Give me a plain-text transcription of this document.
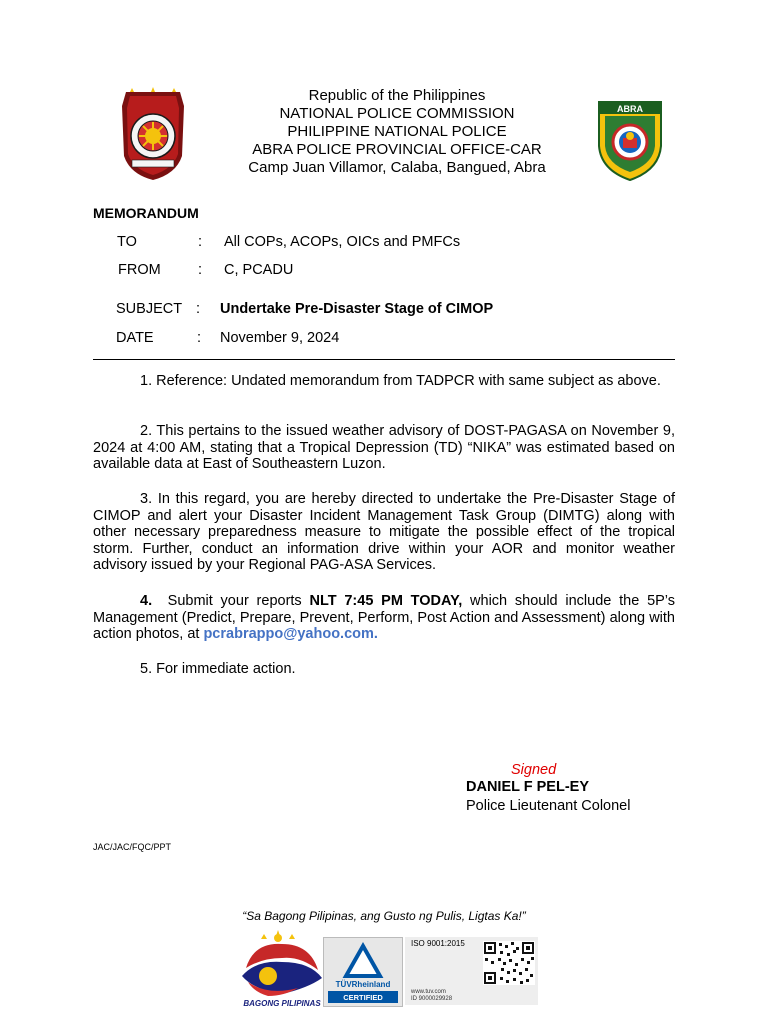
ABRA
Republic of the Philippines
NATIONAL POLICE COMMISSION
PHILIPPINE NATIONAL POLICE
ABRA POLICE PROVINCIAL OFFICE-CAR
Camp Juan Villamor, Calaba, Bangued, Abra
MEMORANDUM
TO	: All COPs, ACOPs, OICs and PMFCs
FROM	: C, PCADU
SUBJECT : Undertake Pre-Disaster Stage of CIMOP
DATE	: November 9, 2024
1. Reference: Undated memorandum from TADPCR with same subject as above.
2. This pertains to the issued weather advisory of DOST-PAGASA on November 9, 2024 at 4:00 AM, stating that a Tropical Depression (TD) “NIKA” was estimated based on available data at East of Southeastern Luzon.
3. In this regard, you are hereby directed to undertake the Pre-Disaster Stage of CIMOP and alert your Disaster Incident Management Task Group (DIMTG) along with other necessary preparedness measure to mitigate the possible effect of the tropical storm. Further, conduct an information drive within your AOR and monitor weather advisory issued by your Regional PAG-ASA Services.
4. Submit your reports NLT 7:45 PM TODAY, which should include the 5P’s Management (Predict, Prepare, Prevent, Perform, Post Action and Assessment) along with action photos, at pcrabrappo@yahoo.com.
5. For immediate action.
Signed
DANIEL F PEL-EY
Police Lieutenant Colonel
JAC/JAC/FQC/PPT
“Sa Bagong Pilipinas, ang Gusto ng Pulis, Ligtas Ka!”
BAGONG PILIPINAS
TÜVRheinland
CERTIFIED
ISO 9001:2015
www.tuv.com
ID 9000029928
